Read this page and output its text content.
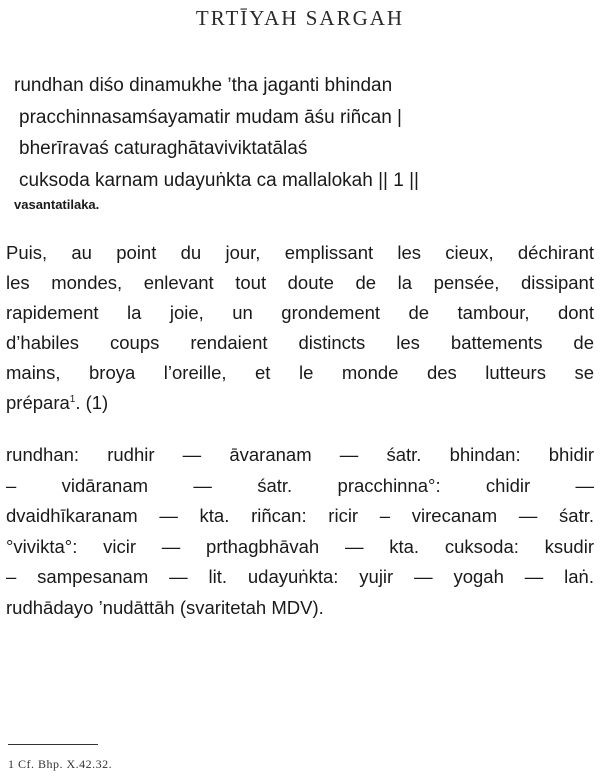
TRTĪYAH SARGAH
rundhan diśo dinamukhe ’tha jaganti bhindan
pracchinnasamśayamatir mudam āśu riñcan |
bherīravaś caturaghātaviviktatālaś
cuksoda karnam udayuṅkta ca mallalokah || 1 ||
vasantatilaka.
Puis, au point du jour, emplissant les cieux, déchirant
les mondes, enlevant tout doute de la pensée, dissipant
rapidement la joie, un grondement de tambour, dont
d’habiles coups rendaient distincts les battements de
mains, broya l’oreille, et le monde des lutteurs se
prépara$^1$. (1)
rundhan: rudhir — āvaranam — śatr. bhindan: bhidir
– vidāranam — śatr. pracchinna°: chidir —
dvaidhīkaranam — kta. riñcan: ricir – virecanam — śatr.
°vivikta°: vicir — prthagbhāvah — kta. cuksoda: ksudir
– sampesanam — lit. udayuṅkta: yujir — yogah — laṅ.
rudhādayo ’nudāttāh (svaritetah MDV).
1 Cf. Bhp. X.42.32.
